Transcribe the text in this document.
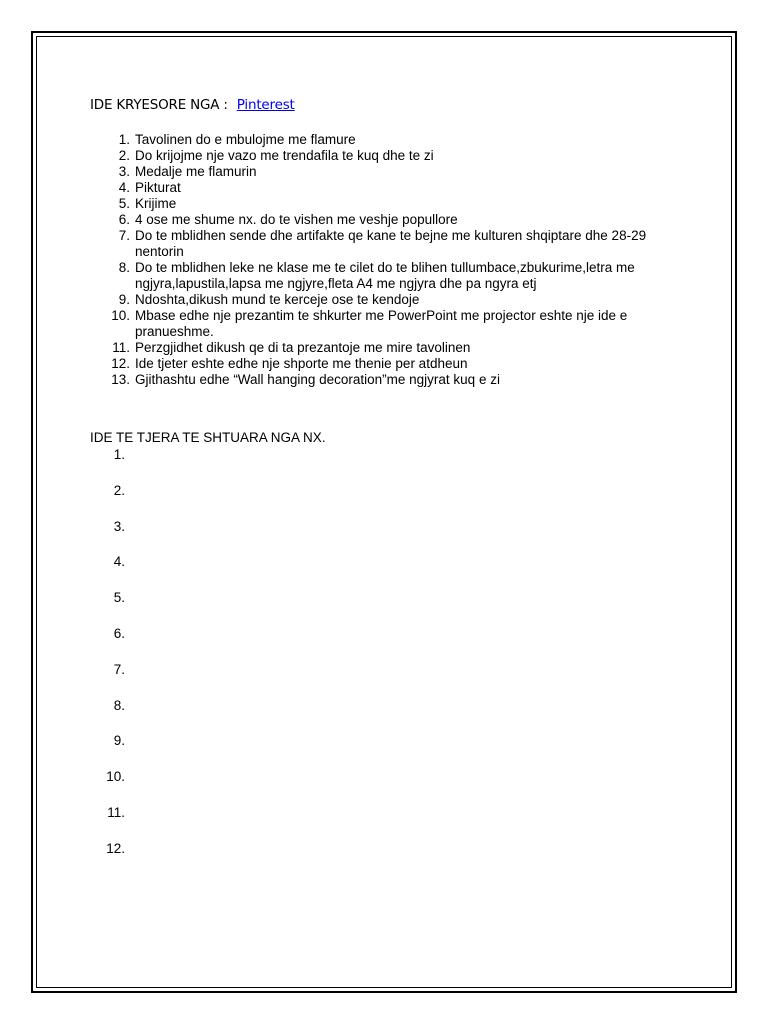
IDE KRYESORE NGA : Pinterest
1. Tavolinen do e mbulojme me flamure
2. Do krijojme nje vazo me trendafila te kuq dhe te zi
3. Medalje me flamurin
4. Pikturat
5. Krijime
6. 4 ose me shume nx. do te vishen me veshje popullore
7. Do te mblidhen sende dhe artifakte qe kane te bejne me kulturen shqiptare dhe 28-29 nentorin
8. Do te mblidhen leke ne klase me te cilet do te blihen tullumbace,zbukurime,letra me ngjyra,lapustila,lapsa me ngjyre,fleta A4 me ngjyra dhe pa ngyra etj
9. Ndoshta,dikush mund te kerceje ose te kendoje
10. Mbase edhe nje prezantim te shkurter me PowerPoint me projector eshte nje ide e pranueshme.
11. Perzgjidhet dikush qe di ta prezantoje me mire tavolinen
12. Ide tjeter eshte edhe nje shporte me thenie per atdheun
13. Gjithashtu edhe “Wall hanging decoration”me ngjyrat kuq e zi
IDE TE TJERA TE SHTUARA NGA NX.
1.
2.
3.
4.
5.
6.
7.
8.
9.
10.
11.
12.
